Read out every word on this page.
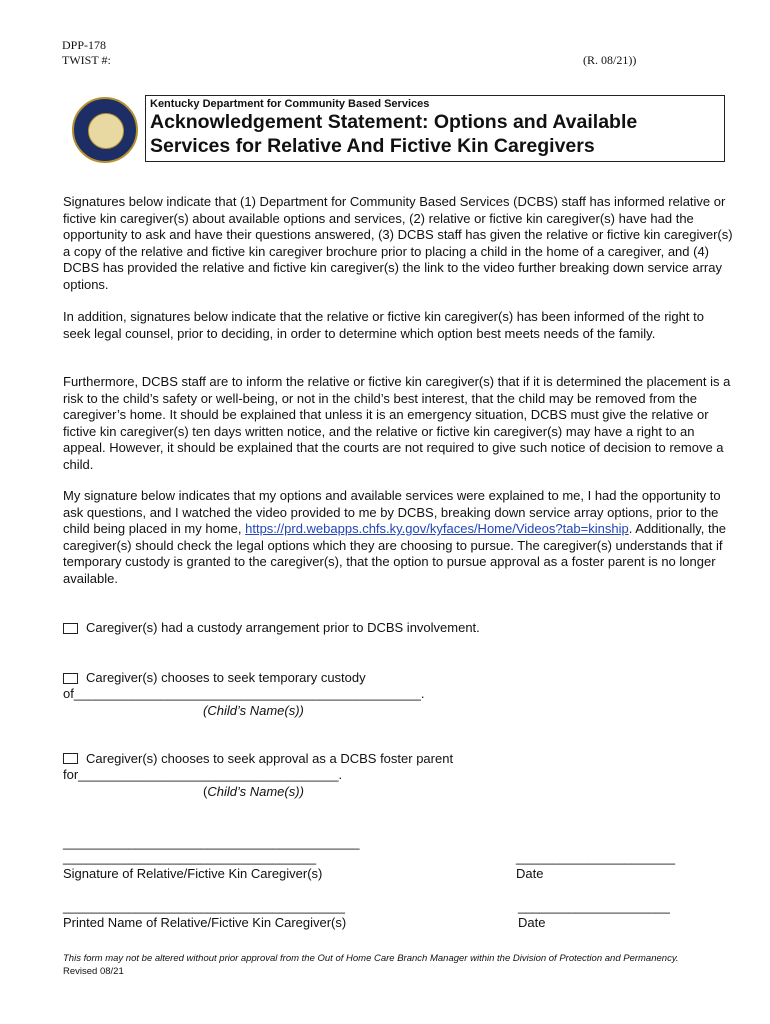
DPP-178
TWIST #:	(R. 08/21))
Kentucky Department for Community Based Services
Acknowledgement Statement: Options and Available Services for Relative And Fictive Kin Caregivers
Signatures below indicate that (1) Department for Community Based Services (DCBS) staff has informed relative or fictive kin caregiver(s) about available options and services, (2) relative or fictive kin caregiver(s) have had the opportunity to ask and have their questions answered, (3) DCBS staff has given the relative or fictive kin caregiver(s) a copy of the relative and fictive kin caregiver brochure prior to placing a child in the home of a caregiver, and (4) DCBS has provided the relative and fictive kin caregiver(s) the link to the video further breaking down service array options.
In addition, signatures below indicate that the relative or fictive kin caregiver(s) has been informed of the right to seek legal counsel, prior to deciding, in order to determine which option best meets needs of the family.
Furthermore, DCBS staff are to inform the relative or fictive kin caregiver(s) that if it is determined the placement is a risk to the child’s safety or well-being, or not in the child’s best interest, that the child may be removed from the caregiver’s home. It should be explained that unless it is an emergency situation, DCBS must give the relative or fictive kin caregiver(s) ten days written notice, and the relative or fictive kin caregiver(s) may have a right to an appeal. However, it should be explained that the courts are not required to give such notice of decision to remove a child.
My signature below indicates that my options and available services were explained to me, I had the opportunity to ask questions, and I watched the video provided to me by DCBS, breaking down service array options, prior to the child being placed in my home, https://prd.webapps.chfs.ky.gov/kyfaces/Home/Videos?tab=kinship. Additionally, the caregiver(s) should check the legal options which they are choosing to pursue. The caregiver(s) understands that if temporary custody is granted to the caregiver(s), that the option to pursue approval as a foster parent is no longer available.
Caregiver(s) had a custody arrangement prior to DCBS involvement.
Caregiver(s) chooses to seek temporary custody
of________________________________________________.
(Child’s Name(s))
Caregiver(s) chooses to seek approval as a DCBS foster parent
for____________________________________.
(Child’s Name(s))
_________________________________________
___________________________________
Signature of Relative/Fictive Kin Caregiver(s)
______________________
Date
_______________________________________
Printed Name of Relative/Fictive Kin Caregiver(s)
_____________________
Date
This form may not be altered without prior approval from the Out of Home Care Branch Manager within the Division of Protection and Permanency.
Revised 08/21
